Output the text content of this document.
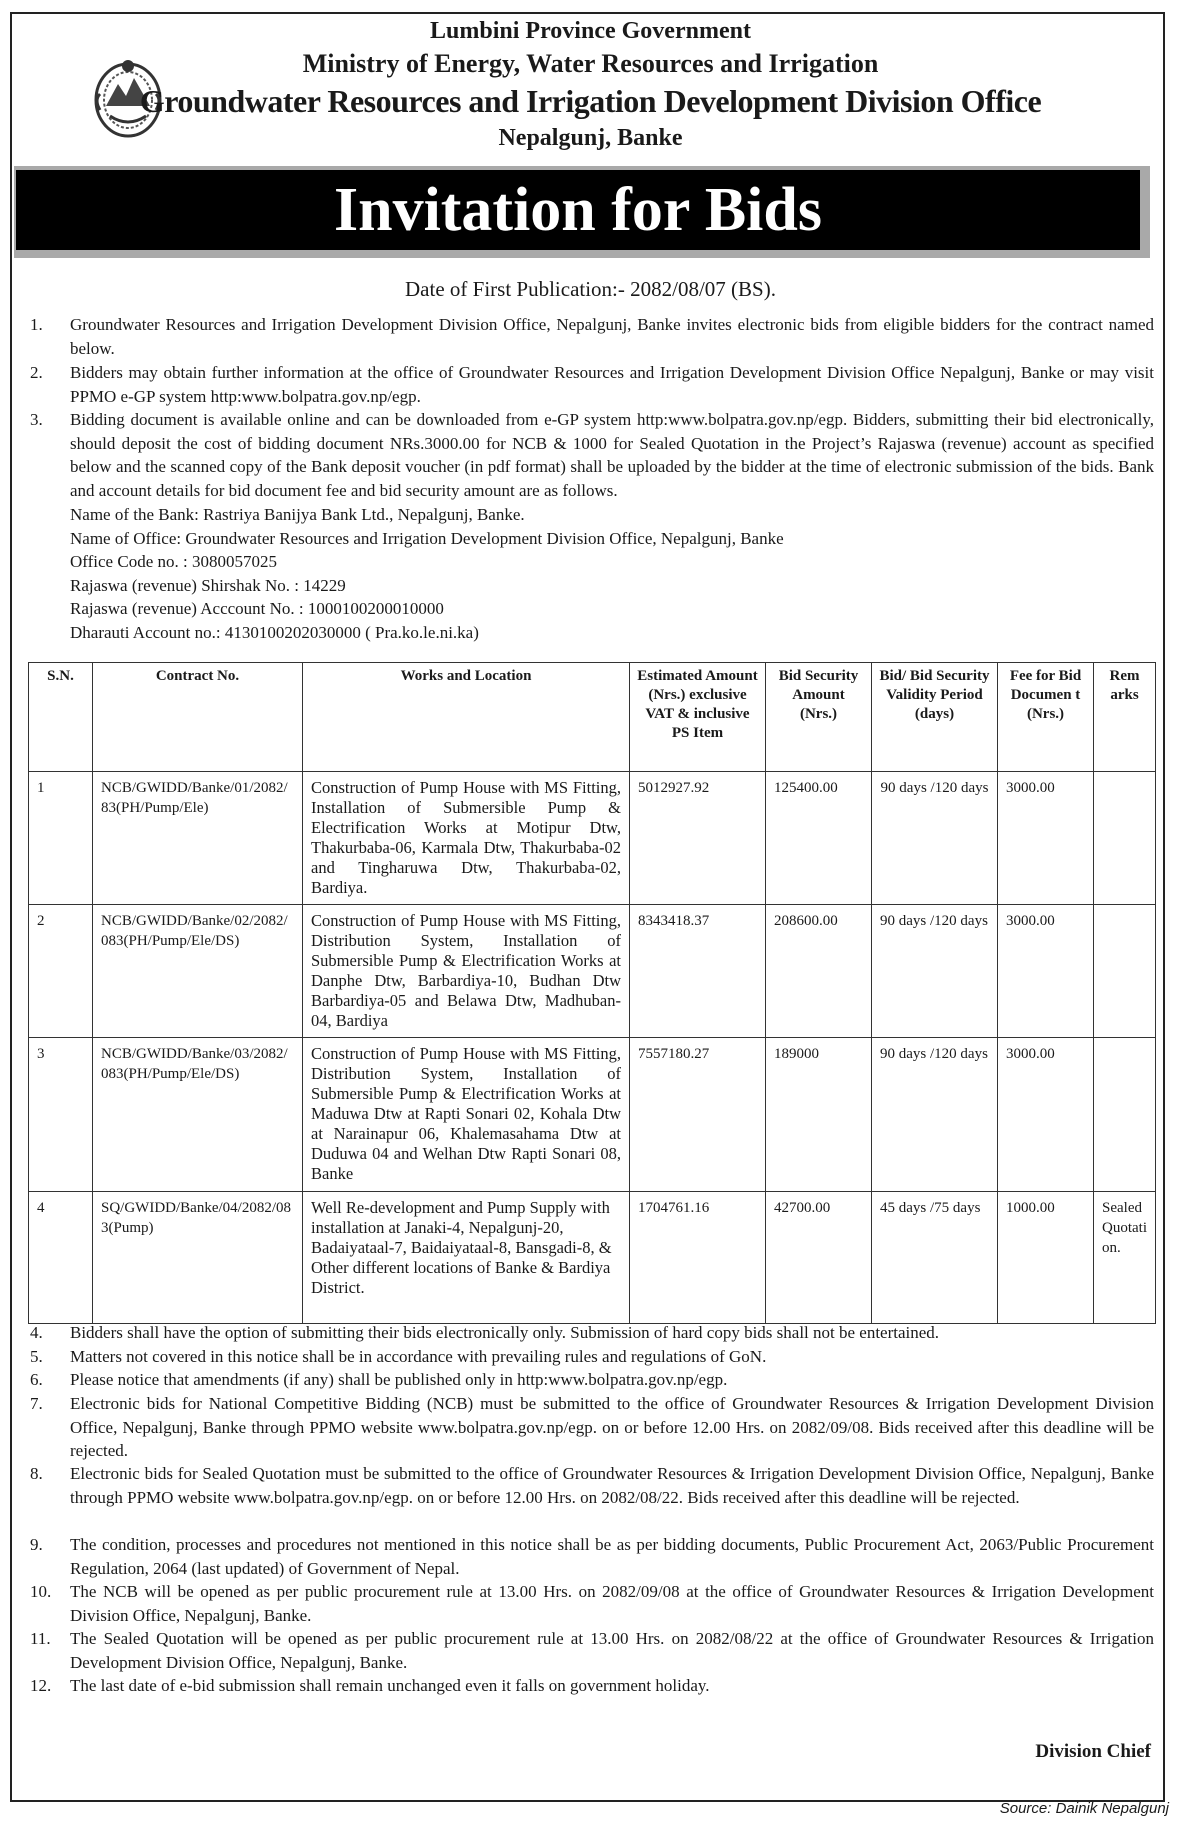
Lumbini Province Government
Ministry of Energy, Water Resources and Irrigation
Groundwater Resources and Irrigation Development Division Office
Nepalgunj, Banke
Invitation for Bids
Date of First Publication:- 2082/08/07 (BS).
1.	Groundwater Resources and Irrigation Development Division Office, Nepalgunj, Banke invites electronic bids from eligible bidders for the contract named below.
2.	Bidders may obtain further information at the office of Groundwater Resources and Irrigation Development Division Office Nepalgunj, Banke or may visit PPMO e-GP system http:www.bolpatra.gov.np/egp.
3.	Bidding document is available online and can be downloaded from e-GP system http:www.bolpatra.gov.np/egp. Bidders, submitting their bid electronically, should deposit the cost of bidding document NRs.3000.00 for NCB & 1000 for Sealed Quotation in the Project’s Rajaswa (revenue) account as specified below and the scanned copy of the Bank deposit voucher (in pdf format) shall be uploaded by the bidder at the time of electronic submission of the bids. Bank and account details for bid document fee and bid security amount are as follows.
Name of the Bank: Rastriya Banijya Bank Ltd., Nepalgunj, Banke.
Name of Office: Groundwater Resources and Irrigation Development Division Office, Nepalgunj, Banke
Office Code no. : 3080057025
Rajaswa (revenue) Shirshak No. : 14229
Rajaswa (revenue) Acccount No. : 1000100200010000
Dharauti Account no.: 4130100202030000 ( Pra.ko.le.ni.ka)
S.N.	Contract No.	Works and Location	Estimated Amount (Nrs.) exclusive VAT & inclusive PS Item	Bid Security Amount (Nrs.)	Bid/ Bid Security Validity Period (days)	Fee for Bid Documen t (Nrs.)	Rem arks
1	NCB/GWIDD/Banke/01/2082/83(PH/Pump/Ele)	Construction of Pump House with MS Fitting, Installation of Submersible Pump & Electrification Works at Motipur Dtw, Thakurbaba-06, Karmala Dtw, Thakurbaba-02 and Tingharuwa Dtw, Thakurbaba-02, Bardiya.	5012927.92	125400.00	90 days /120 days	3000.00	
2	NCB/GWIDD/Banke/02/2082/083(PH/Pump/Ele/DS)	Construction of Pump House with MS Fitting, Distribution System, Installation of Submersible Pump & Electrification Works at Danphe Dtw, Barbardiya-10, Budhan Dtw Barbardiya-05 and Belawa Dtw, Madhuban-04, Bardiya	8343418.37	208600.00	90 days /120 days	3000.00	
3	NCB/GWIDD/Banke/03/2082/083(PH/Pump/Ele/DS)	Construction of Pump House with MS Fitting, Distribution System, Installation of Submersible Pump & Electrification Works at Maduwa Dtw at Rapti Sonari 02, Kohala Dtw at Narainapur 06, Khalemasahama Dtw at Duduwa 04 and Welhan Dtw Rapti Sonari 08, Banke	7557180.27	189000	90 days /120 days	3000.00	
4	SQ/GWIDD/Banke/04/2082/083(Pump)	Well Re-development and Pump Supply with installation at Janaki-4, Nepalgunj-20, Badaiyataal-7, Baidaiyataal-8, Bansgadi-8, & Other different locations of Banke & Bardiya District.	1704761.16	42700.00	45 days /75 days	1000.00	Sealed Quotation.
4.	Bidders shall have the option of submitting their bids electronically only. Submission of hard copy bids shall not be entertained.
5.	Matters not covered in this notice shall be in accordance with prevailing rules and regulations of GoN.
6.	Please notice that amendments (if any) shall be published only in http:www.bolpatra.gov.np/egp.
7.	Electronic bids for National Competitive Bidding (NCB) must be submitted to the office of Groundwater Resources & Irrigation Development Division Office, Nepalgunj, Banke through PPMO website www.bolpatra.gov.np/egp. on or before 12.00 Hrs. on 2082/09/08. Bids received after this deadline will be rejected.
8.	Electronic bids for Sealed Quotation must be submitted to the office of Groundwater Resources & Irrigation Development Division Office, Nepalgunj, Banke through PPMO website www.bolpatra.gov.np/egp. on or before 12.00 Hrs. on 2082/08/22. Bids received after this deadline will be rejected.
9.	The condition, processes and procedures not mentioned in this notice shall be as per bidding documents, Public Procurement Act, 2063/Public Procurement Regulation, 2064 (last updated) of Government of Nepal.
10.	The NCB will be opened as per public procurement rule at 13.00 Hrs. on 2082/09/08 at the office of Groundwater Resources & Irrigation Development Division Office, Nepalgunj, Banke.
11.	The Sealed Quotation will be opened as per public procurement rule at 13.00 Hrs. on 2082/08/22 at the office of Groundwater Resources & Irrigation Development Division Office, Nepalgunj, Banke.
12.	The last date of e-bid submission shall remain unchanged even it falls on government holiday.
Division Chief
Source: Dainik Nepalgunj
